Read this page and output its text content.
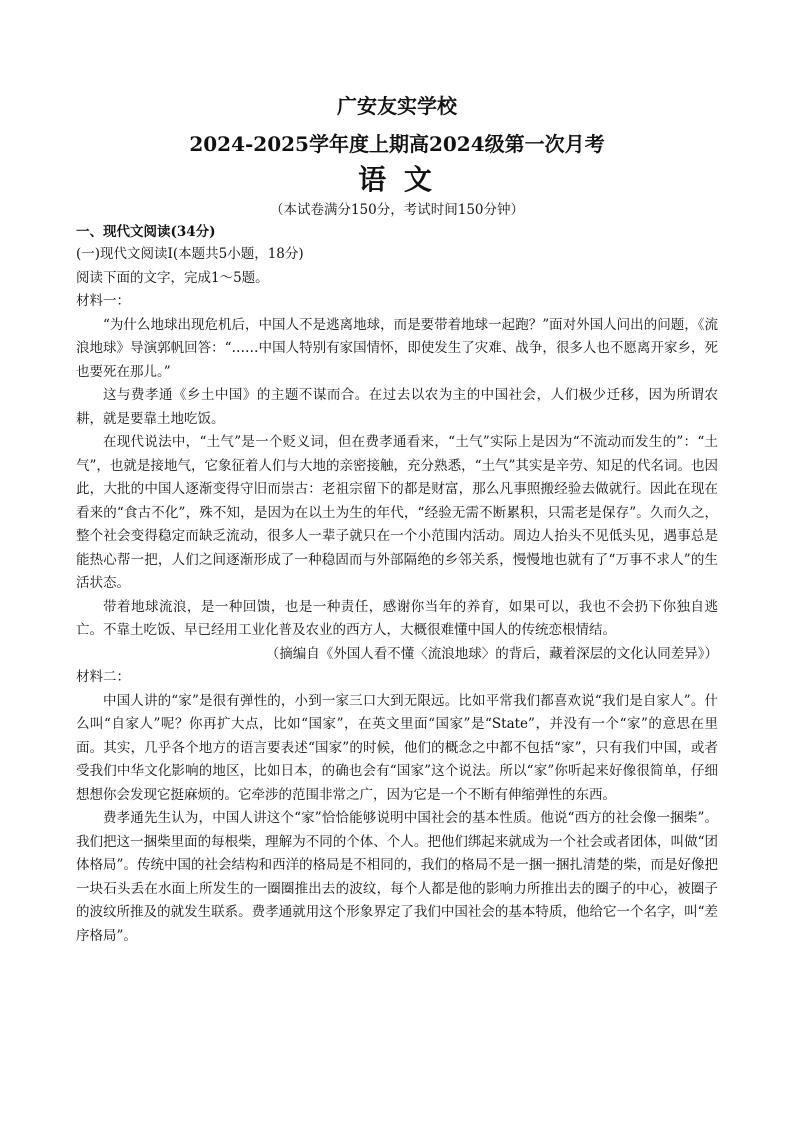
广安友实学校
2024-2025学年度上期高2024级第一次月考
语 文
（本试卷满分150分，考试时间150分钟）
一、现代文阅读(34分)
(一)现代文阅读Ⅰ(本题共5小题，18分)
阅读下面的文字，完成1～5题。
材料一：
“为什么地球出现危机后，中国人不是逃离地球，而是要带着地球一起跑？”面对外国人问出的问题，《流浪地球》导演郭帆回答：“……中国人特别有家国情怀，即使发生了灾难、战争，很多人也不愿离开家乡，死也要死在那儿。”
这与费孝通《乡土中国》的主题不谋而合。在过去以农为主的中国社会，人们极少迁移，因为所谓农耕，就是要靠土地吃饭。
在现代说法中，“土气”是一个贬义词，但在费孝通看来，“土气”实际上是因为“不流动而发生的”：“土气”，也就是接地气，它象征着人们与大地的亲密接触，充分熟悉，“土气”其实是辛劳、知足的代名词。也因此，大批的中国人逐渐变得守旧而崇古：老祖宗留下的都是财富，那么凡事照搬经验去做就行。因此在现在看来的“食古不化”，殊不知，是因为在以土为生的年代，“经验无需不断累积，只需老是保存”。久而久之，整个社会变得稳定而缺乏流动，很多人一辈子就只在一个小范围内活动。周边人抬头不见低头见，遇事总是能热心帮一把，人们之间逐渐形成了一种稳固而与外部隔绝的乡邻关系，慢慢地也就有了“万事不求人”的生活状态。
带着地球流浪，是一种回馈，也是一种责任，感谢你当年的养育，如果可以，我也不会扔下你独自逃亡。不靠土吃饭、早已经用工业化普及农业的西方人，大概很难懂中国人的传统恋根情结。
（摘编自《外国人看不懂〈流浪地球〉的背后，藏着深层的文化认同差异》）
材料二：
中国人讲的“家”是很有弹性的，小到一家三口大到无限远。比如平常我们都喜欢说“我们是自家人”。什么叫“自家人”呢？你再扩大点，比如“国家”，在英文里面“国家”是“State”，并没有一个“家”的意思在里面。其实，几乎各个地方的语言要表述“国家”的时候，他们的概念之中都不包括“家”，只有我们中国，或者受我们中华文化影响的地区，比如日本，的确也会有“国家”这个说法。所以“家”你听起来好像很简单，仔细想想你会发现它挺麻烦的。它牵涉的范围非常之广，因为它是一个不断有伸缩弹性的东西。
费孝通先生认为，中国人讲这个“家”恰恰能够说明中国社会的基本性质。他说“西方的社会像一捆柴”。我们把这一捆柴里面的每根柴，理解为不同的个体、个人。把他们绑起来就成为一个社会或者团体，叫做“团体格局”。传统中国的社会结构和西洋的格局是不相同的，我们的格局不是一捆一捆扎清楚的柴，而是好像把一块石头丢在水面上所发生的一圈圈推出去的波纹，每个人都是他的影响力所推出去的圈子的中心，被圈子的波纹所推及的就发生联系。费孝通就用这个形象界定了我们中国社会的基本特质，他给它一个名字，叫“差序格局”。
